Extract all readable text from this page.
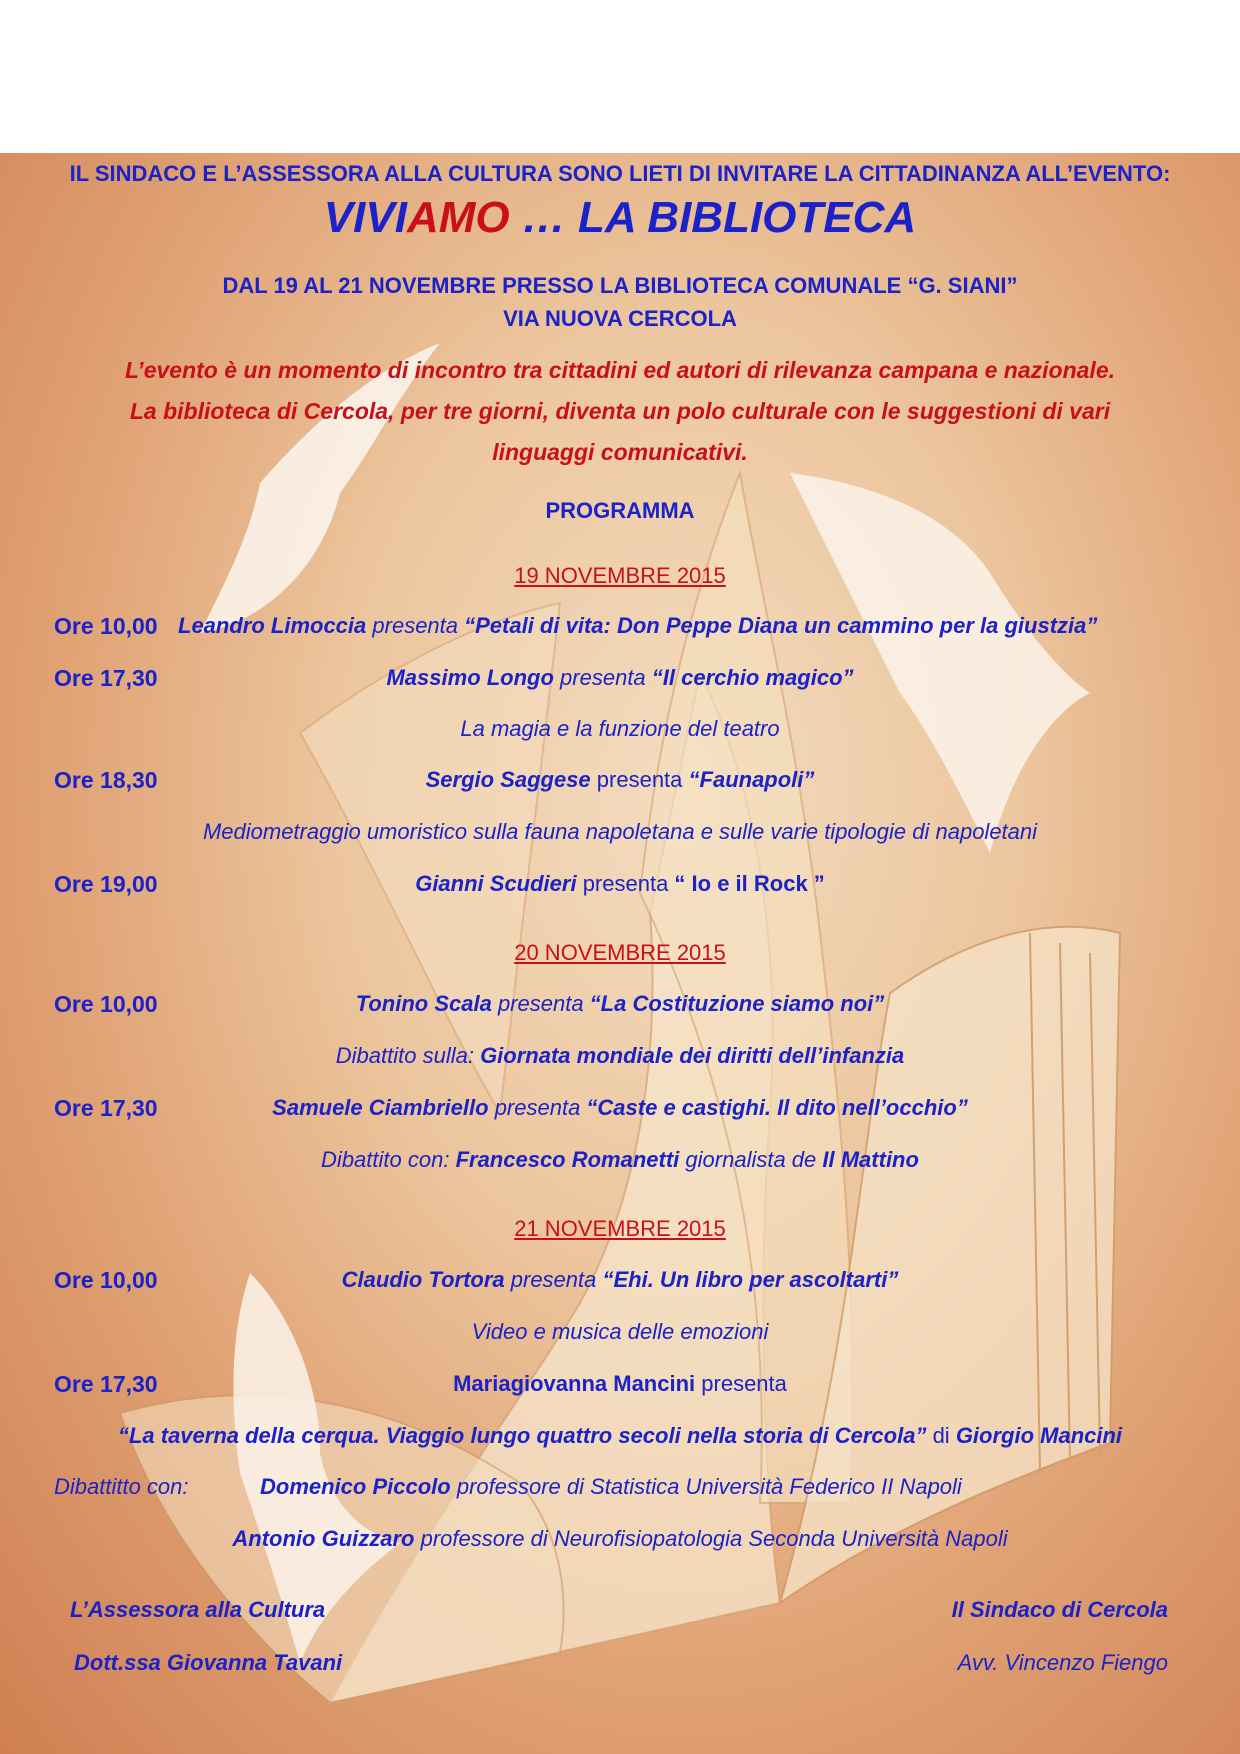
IL SINDACO E L’ASSESSORA ALLA CULTURA SONO LIETI DI INVITARE LA CITTADINANZA ALL’EVENTO:
VIVIAMO … LA BIBLIOTECA
DAL 19 AL 21 NOVEMBRE PRESSO LA BIBLIOTECA COMUNALE “G. SIANI”
VIA NUOVA CERCOLA
L’evento è un momento di incontro tra cittadini ed autori di rilevanza campana e nazionale.
La biblioteca di Cercola, per tre giorni, diventa un polo culturale con le suggestioni di vari
linguaggi comunicativi.
PROGRAMMA
19 NOVEMBRE 2015
Ore 10,00 Leandro Limoccia presenta “Petali di vita: Don Peppe Diana un cammino per la giustzia”
Ore 17,30	Massimo Longo presenta “Il cerchio magico”
La magia e la funzione del teatro
Ore 18,30	Sergio Saggese presenta “Faunapoli”
Mediometraggio umoristico sulla fauna napoletana e sulle varie tipologie di napoletani
Ore 19,00	Gianni Scudieri presenta “ Io e il Rock ”
20 NOVEMBRE 2015
Ore 10,00	Tonino Scala presenta “La Costituzione siamo noi”
Dibattito sulla: Giornata mondiale dei diritti dell’infanzia
Ore 17,30	Samuele Ciambriello presenta “Caste e castighi. Il dito nell’occhio”
Dibattito con: Francesco Romanetti giornalista de Il Mattino
21 NOVEMBRE 2015
Ore 10,00	Claudio Tortora presenta “Ehi. Un libro per ascoltarti”
Video e musica delle emozioni
Ore 17,30	Mariagiovanna Mancini presenta
“La taverna della cerqua. Viaggio lungo quattro secoli nella storia di Cercola” di Giorgio Mancini
Dibattitto con:	Domenico Piccolo professore di Statistica Università Federico II Napoli
Antonio Guizzaro professore di Neurofisiopatologia Seconda Università Napoli
L’Assessora alla Cultura
Dott.ssa Giovanna Tavani
Il Sindaco di Cercola
Avv. Vincenzo Fiengo
